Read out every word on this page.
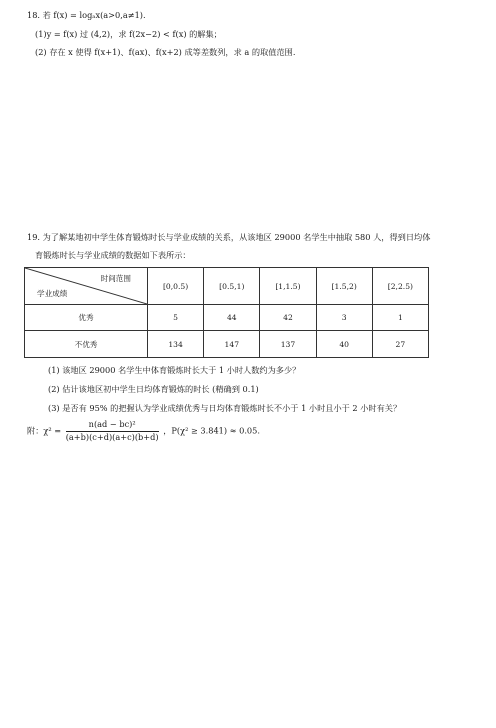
18. 若 f(x) = logₐx(a>0,a≠1).
(1)y = f(x) 过 (4,2)，求 f(2x−2) < f(x) 的解集；
(2) 存在 x 使得 f(x+1)、f(ax)、f(x+2) 成等差数列，求 a 的取值范围.
19. 为了解某地初中学生体育锻炼时长与学业成绩的关系，从该地区 29000 名学生中抽取 580 人，得到日均体
育锻炼时长与学业成绩的数据如下表所示：
时间范围
学业成绩	[0,0.5)	[0.5,1)	[1,1.5)	[1.5,2)	[2,2.5)
优秀	5	44	42	3	1
不优秀	134	147	137	40	27
(1) 该地区 29000 名学生中体育锻炼时长大于 1 小时人数约为多少？
(2) 估计该地区初中学生日均体育锻炼的时长 (精确到 0.1)
(3) 是否有 95% 的把握认为学业成绩优秀与日均体育锻炼时长不小于 1 小时且小于 2 小时有关？
附：$\chi^2 = \frac{\text{n(ad − bc)²}}{(a+b)(c+d)(a+c)(b+d)}$ ，P(χ² ≥ 3.841) ≈ 0.05.
